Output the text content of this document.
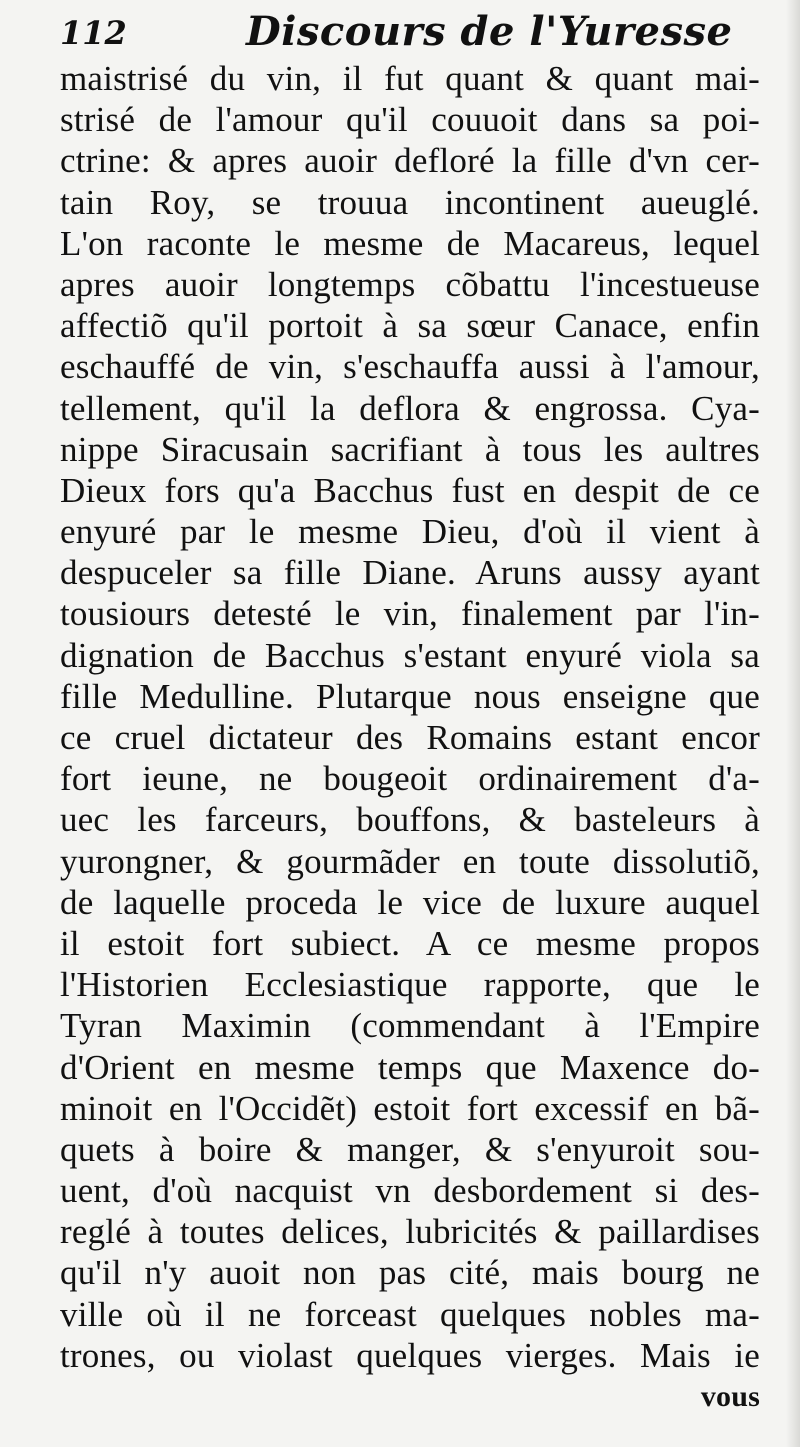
112	Discours de l'Yuresse
maistrisé du vin, il fut quant & quant mai-
strisé de l'amour qu'il couuoit dans sa poi-
ctrine: & apres auoir defloré la fille d'vn cer-
tain Roy, se trouua incontinent aueuglé.
L'on raconte le mesme de Macareus, lequel
apres auoir longtemps cõbattu l'incestueuse
affectiõ qu'il portoit à sa sœur Canace, enfin
eschauffé de vin, s'eschauffa aussi à l'amour,
tellement, qu'il la deflora & engrossa. Cya-
nippe Siracusain sacrifiant à tous les aultres
Dieux fors qu'a Bacchus fust en despit de ce
enyuré par le mesme Dieu, d'où il vient à
despuceler sa fille Diane. Aruns aussy ayant
tousiours detesté le vin, finalement par l'in-
dignation de Bacchus s'estant enyuré viola sa
fille Medulline. Plutarque nous enseigne que
ce cruel dictateur des Romains estant encor
fort ieune, ne bougeoit ordinairement d'a-
uec les farceurs, bouffons, & basteleurs à
yurongner, & gourmãder en toute dissolutiõ,
de laquelle proceda le vice de luxure auquel
il estoit fort subiect. A ce mesme propos
l'Historien Ecclesiastique rapporte, que le
Tyran Maximin (commendant à l'Empire
d'Orient en mesme temps que Maxence do-
minoit en l'Occidẽt) estoit fort excessif en bã-
quets à boire & manger, & s'enyuroit sou-
uent, d'où nacquist vn desbordement si des-
reglé à toutes delices, lubricités & paillardises
qu'il n'y auoit non pas cité, mais bourg ne
ville où il ne forceast quelques nobles ma-
trones, ou violast quelques vierges. Mais ie
vous
